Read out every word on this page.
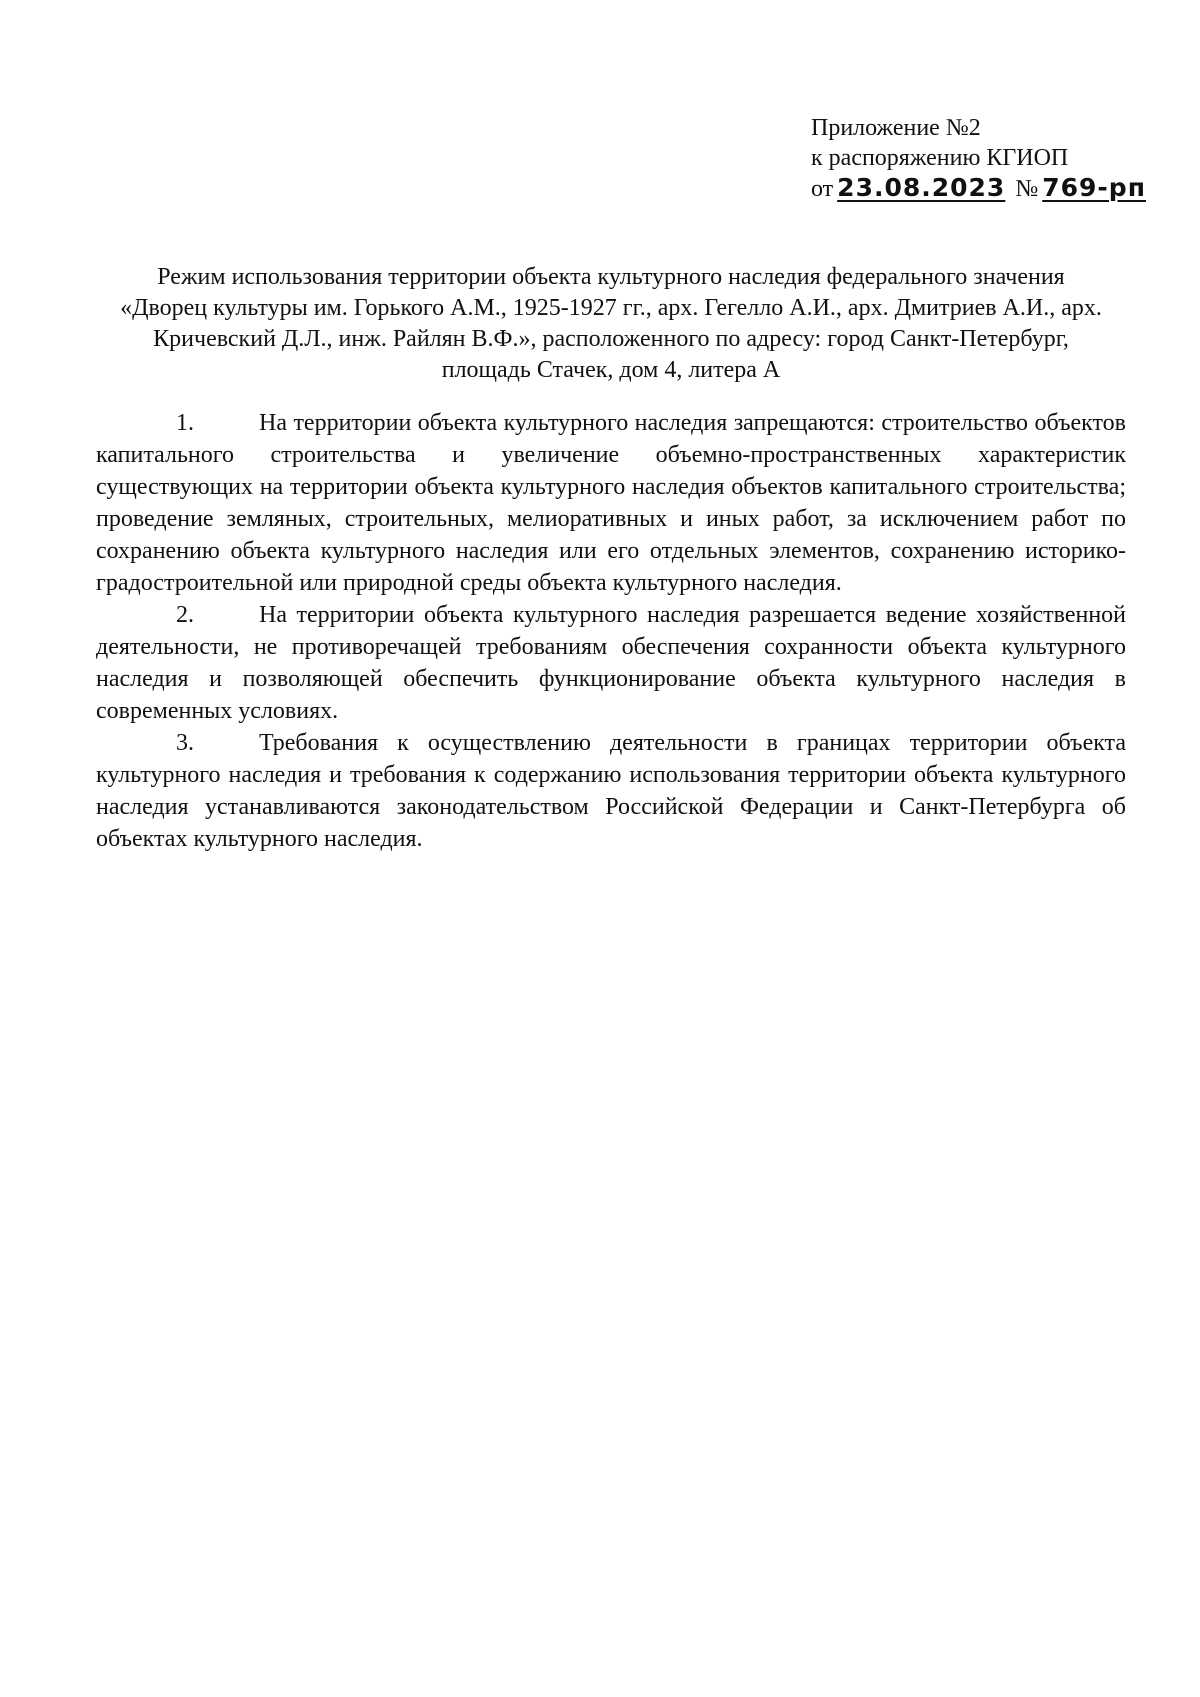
Приложение №2
к распоряжению КГИОП
от 23.08.2023 № 769-рп
Режим использования территории объекта культурного наследия федерального значения
«Дворец культуры им. Горького А.М., 1925-1927 гг., арх. Гегелло А.И., арх. Дмитриев А.И., арх.
Кричевский Д.Л., инж. Райлян В.Ф.», расположенного по адресу: город Санкт-Петербург,
площадь Стачек, дом 4, литера А
1.	На территории объекта культурного наследия запрещаются: строительство объектов
капитального строительства и увеличение объемно-пространственных характеристик
существующих на территории объекта культурного наследия объектов капитального строительства;
проведение земляных, строительных, мелиоративных и иных работ, за исключением работ по
сохранению объекта культурного наследия или его отдельных элементов, сохранению историко-
градостроительной или природной среды объекта культурного наследия.
2.	На территории объекта культурного наследия разрешается ведение хозяйственной
деятельности, не противоречащей требованиям обеспечения сохранности объекта культурного
наследия и позволяющей обеспечить функционирование объекта культурного наследия в
современных условиях.
3.	Требования к осуществлению деятельности в границах территории объекта
культурного наследия и требования к содержанию использования территории объекта культурного
наследия устанавливаются законодательством Российской Федерации и Санкт-Петербурга об
объектах культурного наследия.
